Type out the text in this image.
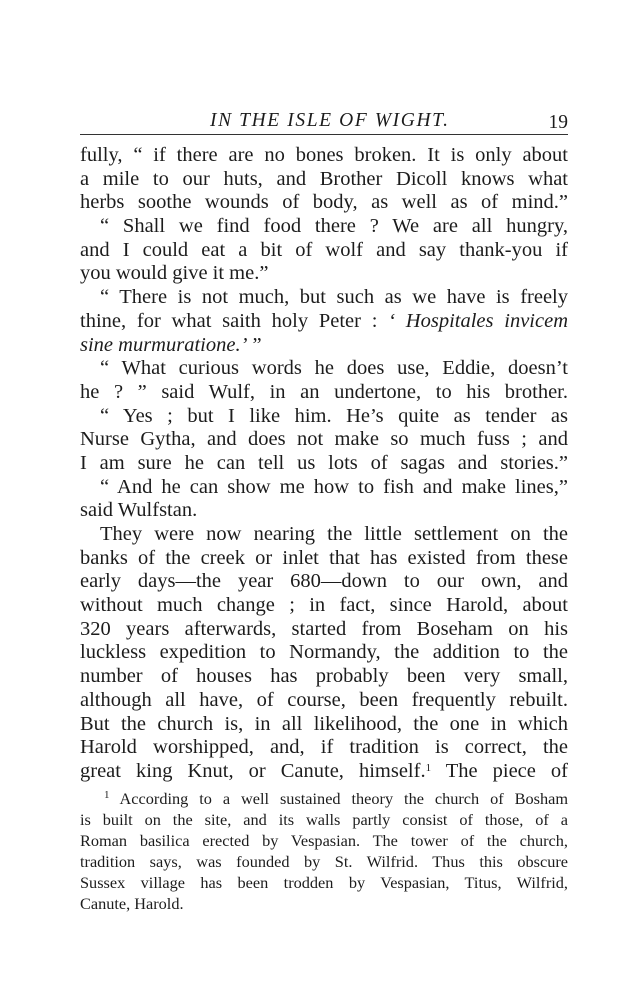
IN THE ISLE OF WIGHT.	19
fully, “ if there are no bones broken. It is only about
a mile to our huts, and Brother Dicoll knows what
herbs soothe wounds of body, as well as of mind.”
“ Shall we find food there ? We are all hungry,
and I could eat a bit of wolf and say thank-you if
you would give it me.”
“ There is not much, but such as we have is freely
thine, for what saith holy Peter : ‘ Hospitales invicem
sine murmuratione.’ ”
“ What curious words he does use, Eddie, doesn’t
he ? ” said Wulf, in an undertone, to his brother.
“ Yes ; but I like him. He’s quite as tender as
Nurse Gytha, and does not make so much fuss ; and
I am sure he can tell us lots of sagas and stories.”
“ And he can show me how to fish and make lines,”
said Wulfstan.
They were now nearing the little settlement on the
banks of the creek or inlet that has existed from these
early days—the year 680—down to our own, and
without much change ; in fact, since Harold, about
320 years afterwards, started from Boseham on his
luckless expedition to Normandy, the addition to the
number of houses has probably been very small,
although all have, of course, been frequently rebuilt.
But the church is, in all likelihood, the one in which
Harold worshipped, and, if tradition is correct, the
great king Knut, or Canute, himself.$^1$ The piece of
$^1$ According to a well sustained theory the church of Bosham
is built on the site, and its walls partly consist of those, of a
Roman basilica erected by Vespasian. The tower of the church,
tradition says, was founded by St. Wilfrid. Thus this obscure
Sussex village has been trodden by Vespasian, Titus, Wilfrid,
Canute, Harold.
